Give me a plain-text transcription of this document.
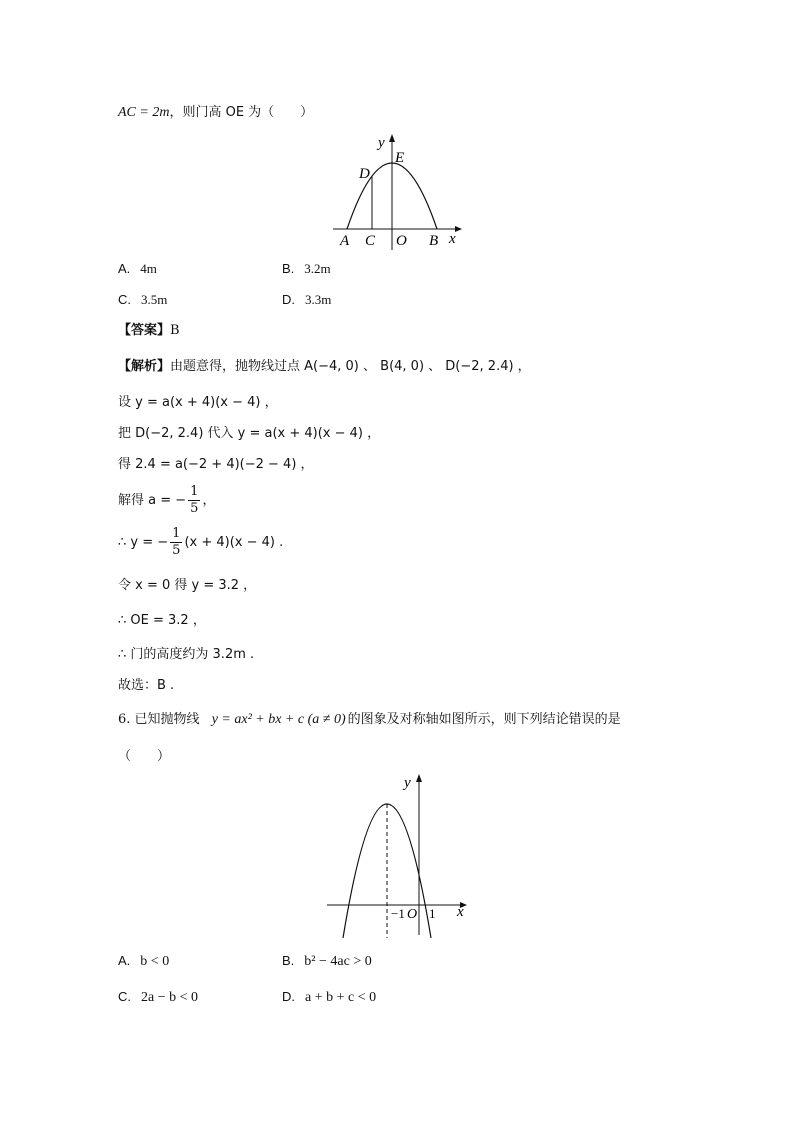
AC = 2m，则门高 OE 为（　　）
y
E
D
A C O B x
A. 4m	B. 3.2m
C. 3.5m	D. 3.3m
【答案】B
【解析】由题意得，抛物线过点 A(−4, 0) 、 B(4, 0) 、 D(−2, 2.4) ，
设 y = a(x + 4)(x − 4) ，
把 D(−2, 2.4) 代入 y = a(x + 4)(x − 4) ，
得 2.4 = a(−2 + 4)(−2 − 4) ，
解得 a = − $\frac{1}{5}$ ，
∴ y = − $\frac{1}{5} (x + 4)(x - 4)$ .
令 x = 0 得 y = 3.2 ，
∴ OE = 3.2 ，
∴ 门的高度约为 3.2m .
故选：B .
6. 已知抛物线 y = ax² + bx + c (a ≠ 0) 的图象及对称轴如图所示，则下列结论错误的是
（　　）
y
−1 O 1 x
A. b < 0	B. b² − 4ac > 0
C. 2a − b < 0	D. a + b + c < 0
